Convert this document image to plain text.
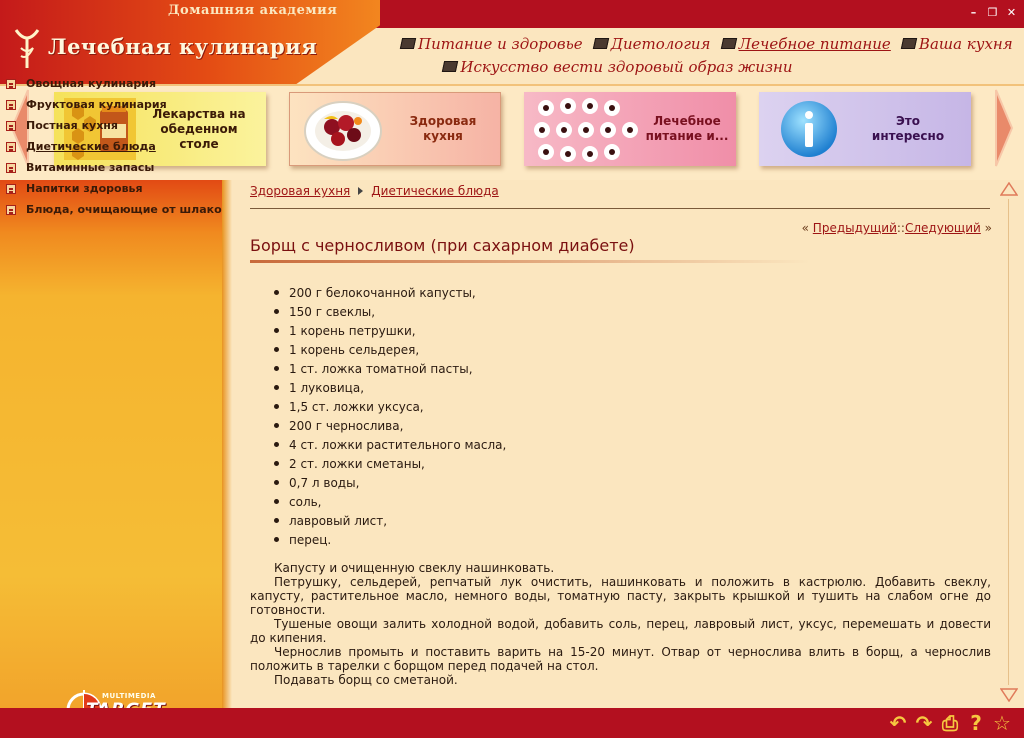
Домашняя академия
Лечебная кулинария
–	❐ ✕
Питание и здоровье
Диетология
Лечебное питание
Ваша кухня
Искусство вести здоровый образ жизни
Лекарства на обеденном столе
Здоровая кухня
Лечебное питание и...
Это интересно
Овощная кулинария
Фруктовая кулинария
Постная кухня
Диетические блюда
Витаминные запасы
Напитки здоровья
Блюда, очищающие от шлако
MULTIMEDIA
Здоровая кухня Диетические блюда
« Предыдущий::Следующий »
Борщ с черносливом (при сахарном диабете)
200 г белокочанной капусты,
150 г свеклы,
1 корень петрушки,
1 корень сельдерея,
1 ст. ложка томатной пасты,
1 луковица,
1,5 ст. ложки уксуса,
200 г чернослива,
4 ст. ложки растительного масла,
2 ст. ложки сметаны,
0,7 л воды,
соль,
лавровый лист,
перец.

Капусту и очищенную свеклу нашинковать.

Петрушку, сельдерей, репчатый лук очистить, нашинковать и положить в кастрюлю. Добавить свеклу, капусту, растительное масло, немного воды, томатную пасту, закрыть крышкой и тушить на слабом огне до готовности.

Тушеные овощи залить холодной водой, добавить соль, перец, лавровый лист, уксус, перемешать и довести до кипения.

Чернослив промыть и поставить варить на 15-20 минут. Отвар от чернослива влить в борщ, а чернослив положить в тарелки с борщом перед подачей на стол.

Подавать борщ со сметаной.

↶ ↷ ⎙ ? ☆
